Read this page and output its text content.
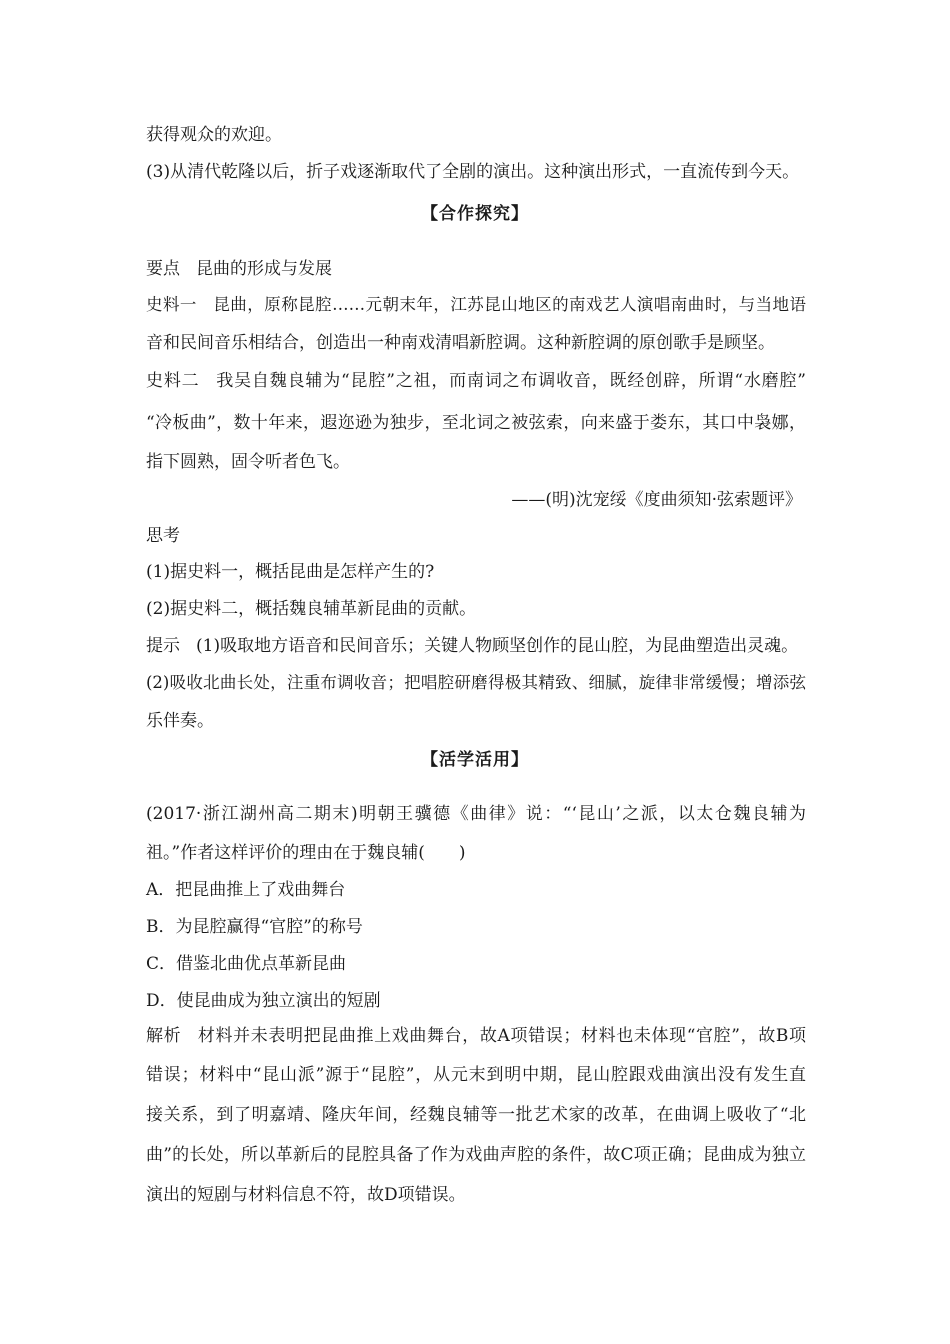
获得观众的欢迎。
(3)从清代乾隆以后，折子戏逐渐取代了全剧的演出。这种演出形式，一直流传到今天。
【合作探究】
要点 昆曲的形成与发展
史料一 昆曲，原称昆腔……元朝末年，江苏昆山地区的南戏艺人演唱南曲时，与当地语
音和民间音乐相结合，创造出一种南戏清唱新腔调。这种新腔调的原创歌手是顾坚。
史料二 我吴自魏良辅为“昆腔”之祖，而南词之布调收音，既经创辟，所谓“水磨腔”
“冷板曲”，数十年来，遐迩逊为独步，至北词之被弦索，向来盛于娄东，其口中袅娜，
指下圆熟，固令听者色飞。
——(明)沈宠绥《度曲须知·弦索题评》
思考
(1)据史料一，概括昆曲是怎样产生的?
(2)据史料二，概括魏良辅革新昆曲的贡献。
提示 (1)吸取地方语音和民间音乐；关键人物顾坚创作的昆山腔，为昆曲塑造出灵魂。
(2)吸收北曲长处，注重布调收音；把唱腔研磨得极其精致、细腻，旋律非常缓慢；增添弦
乐伴奏。
【活学活用】
(2017·浙江湖州高二期末)明朝王骥德《曲律》说：“‘昆山’之派，以太仓魏良辅为
祖。”作者这样评价的理由在于魏良辅(　　)
A．把昆曲推上了戏曲舞台
B．为昆腔赢得“官腔”的称号
C．借鉴北曲优点革新昆曲
D．使昆曲成为独立演出的短剧
解析 材料并未表明把昆曲推上戏曲舞台，故A项错误；材料也未体现“官腔”，故B项
错误；材料中“昆山派”源于“昆腔”，从元末到明中期，昆山腔跟戏曲演出没有发生直
接关系，到了明嘉靖、隆庆年间，经魏良辅等一批艺术家的改革，在曲调上吸收了“北
曲”的长处，所以革新后的昆腔具备了作为戏曲声腔的条件，故C项正确；昆曲成为独立
演出的短剧与材料信息不符，故D项错误。
